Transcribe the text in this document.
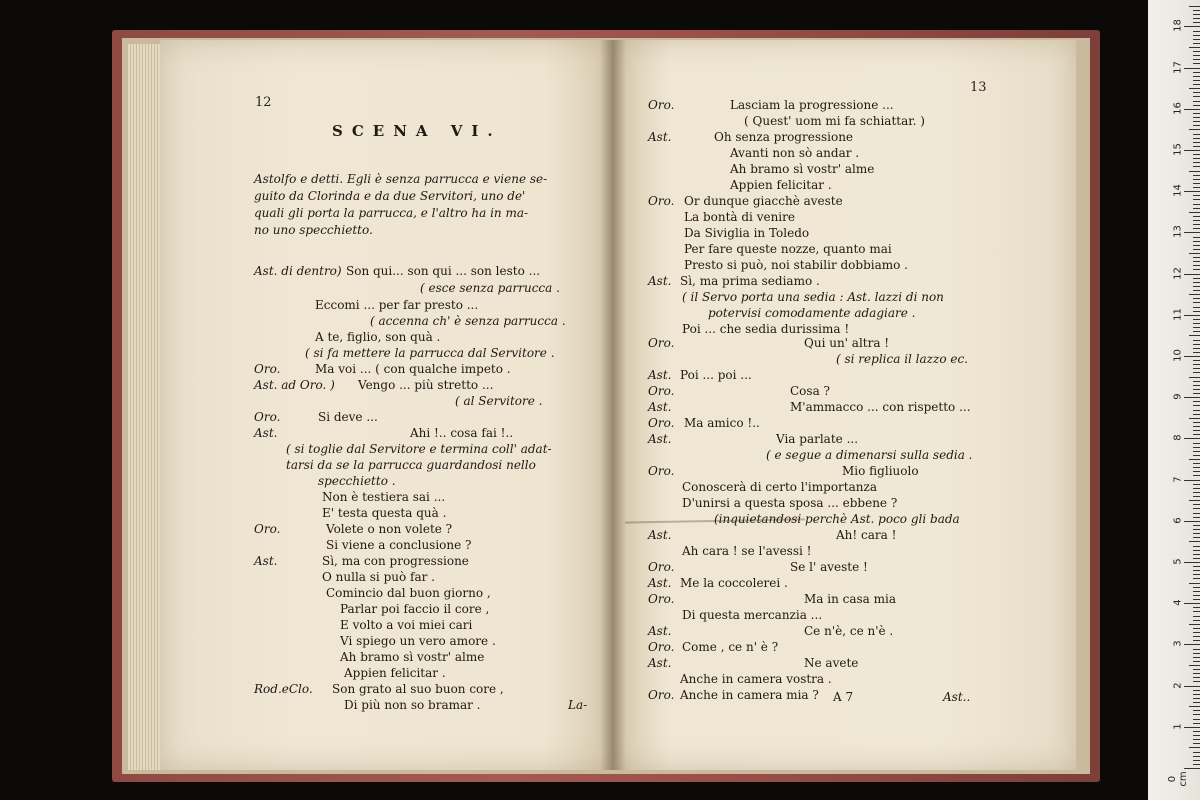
12
SCENA VI.
Astolfo e detti. Egli è senza parrucca e viene se-
guito da Clorinda e da due Servitori, uno de'
quali gli porta la parrucca, e l'altro ha in ma-
no uno specchietto.
Ast. di dentro) Son qui... son qui ... son lesto ...
( esce senza parrucca .
Eccomi ... per far presto ...
( accenna ch' è senza parrucca .
A te, figlio, son quà .
( si fa mettere la parrucca dal Servitore .
Oro.	Ma voi ... ( con qualche impeto .
Ast. ad Oro. ) Vengo ... più stretto ...
( al Servitore .
Oro.	Si deve ...
Ast.	Ahi !.. cosa fai !..
( si toglie dal Servitore e termina coll' adat-
tarsi da se la parrucca guardandosi nello
specchietto .
Non è testiera sai ...
E' testa questa quà .
Oro.	Volete o non volete ?
Si viene a conclusione ?
Ast.	Sì, ma con progressione
O nulla si può far .
Comincio dal buon giorno ,
Parlar poi faccio il core ,
E volto a voi miei cari
Vi spiego un vero amore .
Ah bramo sì vostr' alme
Appien felicitar .
Rod.eClo. Son grato al suo buon core ,
Di più non so bramar .	La-
13
Oro.	Lasciam la progressione ...
( Quest' uom mi fa schiattar. )
Ast.	Oh senza progressione
Avanti non sò andar .
Ah bramo sì vostr' alme
Appien felicitar .
Oro. Or dunque giacchè aveste
La bontà di venire
Da Siviglia in Toledo
Per fare queste nozze, quanto mai
Presto si può, noi stabilir dobbiamo .
Ast. Sì, ma prima sediamo .
( il Servo porta una sedia : Ast. lazzi di non
potervisi comodamente adagiare .
Poi ... che sedia durissima !
Oro.	Qui un' altra !
( si replica il lazzo ec.
Ast. Poi ... poi ...
Oro.	Cosa ?
Ast.	M'ammacco ... con rispetto ...
Oro. Ma amico !..
Ast.	Via parlate ...
( e segue a dimenarsi sulla sedia .
Oro.	Mio figliuolo
Conoscerà di certo l'importanza
D'unirsi a questa sposa ... ebbene ?
(inquietandosi perchè Ast. poco gli bada
Ast.	Ah! cara !
Ah cara ! se l'avessi !
Oro.	Se l' aveste !
Ast. Me la coccolerei .
Oro.	Ma in casa mia
Di questa mercanzia ...
Ast.	Ce n'è, ce n'è .
Oro. Come , ce n' è ?
Ast.	Ne avete
Anche in camera vostra .
Oro. Anche in camera mia ? A 7	Ast..
1
2
3
4
5
6
7
8
9
10
11
12
13
14
15
16
17
18
0 cm
